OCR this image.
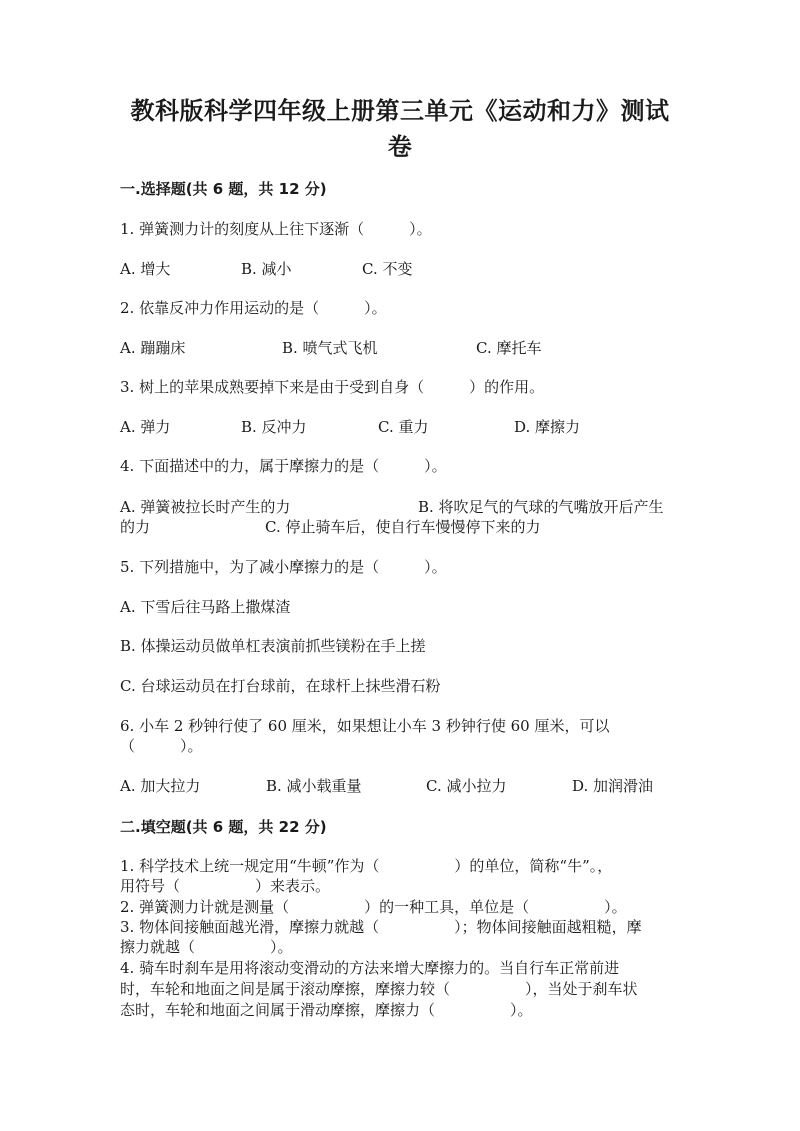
教科版科学四年级上册第三单元《运动和力》测试
卷
一.选择题(共 6 题，共 12 分)
1. 弹簧测力计的刻度从上往下逐渐（　　　）。
A. 增大	B. 减小	C. 不变
2. 依靠反冲力作用运动的是（　　　）。
A. 蹦蹦床	B. 喷气式飞机	C. 摩托车
3. 树上的苹果成熟要掉下来是由于受到自身（　　　）的作用。
A. 弹力	B. 反冲力	C. 重力	D. 摩擦力
4. 下面描述中的力，属于摩擦力的是（　　　）。
A. 弹簧被拉长时产生的力	B. 将吹足气的气球的气嘴放开后产生
的力	C. 停止骑车后，使自行车慢慢停下来的力
5. 下列措施中，为了减小摩擦力的是（　　　）。
A. 下雪后往马路上撒煤渣
B. 体操运动员做单杠表演前抓些镁粉在手上搓
C. 台球运动员在打台球前，在球杆上抹些滑石粉
6. 小车 2 秒钟行使了 60 厘米，如果想让小车 3 秒钟行使 60 厘米，可以
（　　　）。
A. 加大拉力	B. 减小载重量	C. 减小拉力	D. 加润滑油
二.填空题(共 6 题，共 22 分)
1. 科学技术上统一规定用“牛顿”作为（　　　　　）的单位，简称“牛”。，
用符号（　　　　　）来表示。
2. 弹簧测力计就是测量（　　　　　）的一种工具，单位是（　　　　　）。
3. 物体间接触面越光滑，摩擦力就越（　　　　　）；物体间接触面越粗糙，摩
擦力就越（　　　　　）。
4. 骑车时刹车是用将滚动变滑动的方法来增大摩擦力的。当自行车正常前进
时，车轮和地面之间是属于滚动摩擦，摩擦力较（　　　　　），当处于刹车状
态时，车轮和地面之间属于滑动摩擦，摩擦力（　　　　　）。
